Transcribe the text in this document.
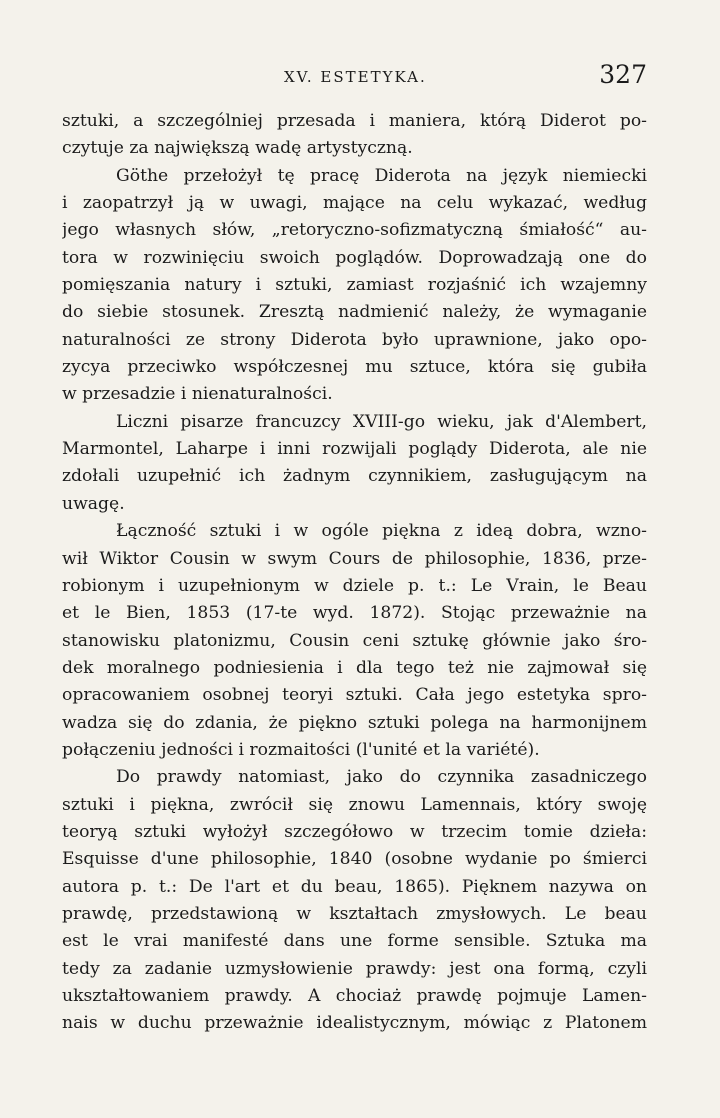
XV. ESTETYKA.	327
sztuki, a szczególniej przesada i maniera, którą Diderot po-
czytuje za największą wadę artystyczną.
Göthe przełożył tę pracę Diderota na język niemiecki
i zaopatrzył ją w uwagi, mające na celu wykazać, według
jego własnych słów, „retoryczno-sofizmatyczną śmiałość“ au-
tora w rozwinięciu swoich poglądów. Doprowadzają one do
pomięszania natury i sztuki, zamiast rozjaśnić ich wzajemny
do siebie stosunek. Zresztą nadmienić należy, że wymaganie
naturalności ze strony Diderota było uprawnione, jako opo-
zycya przeciwko współczesnej mu sztuce, która się gubiła
w przesadzie i nienaturalności.
Liczni pisarze francuzcy XVIII-go wieku, jak d'Alembert,
Marmontel, Laharpe i inni rozwijali poglądy Diderota, ale nie
zdołali uzupełnić ich żadnym czynnikiem, zasługującym na
uwagę.
Łączność sztuki i w ogóle piękna z ideą dobra, wzno-
wił Wiktor Cousin w swym Cours de philosophie, 1836, prze-
robionym i uzupełnionym w dziele p. t.: Le Vrain, le Beau
et le Bien, 1853 (17-te wyd. 1872). Stojąc przeważnie na
stanowisku platonizmu, Cousin ceni sztukę głównie jako śro-
dek moralnego podniesienia i dla tego też nie zajmował się
opracowaniem osobnej teoryi sztuki. Cała jego estetyka spro-
wadza się do zdania, że piękno sztuki polega na harmonijnem
połączeniu jedności i rozmaitości (l'unité et la variété).
Do prawdy natomiast, jako do czynnika zasadniczego
sztuki i piękna, zwrócił się znowu Lamennais, który swoję
teoryą sztuki wyłożył szczegółowo w trzecim tomie dzieła:
Esquisse d'une philosophie, 1840 (osobne wydanie po śmierci
autora p. t.: De l'art et du beau, 1865). Pięknem nazywa on
prawdę, przedstawioną w kształtach zmysłowych. Le beau
est le vrai manifesté dans une forme sensible. Sztuka ma
tedy za zadanie uzmysłowienie prawdy: jest ona formą, czyli
ukształtowaniem prawdy. A chociaż prawdę pojmuje Lamen-
nais w duchu przeważnie idealistycznym, mówiąc z Platonem
